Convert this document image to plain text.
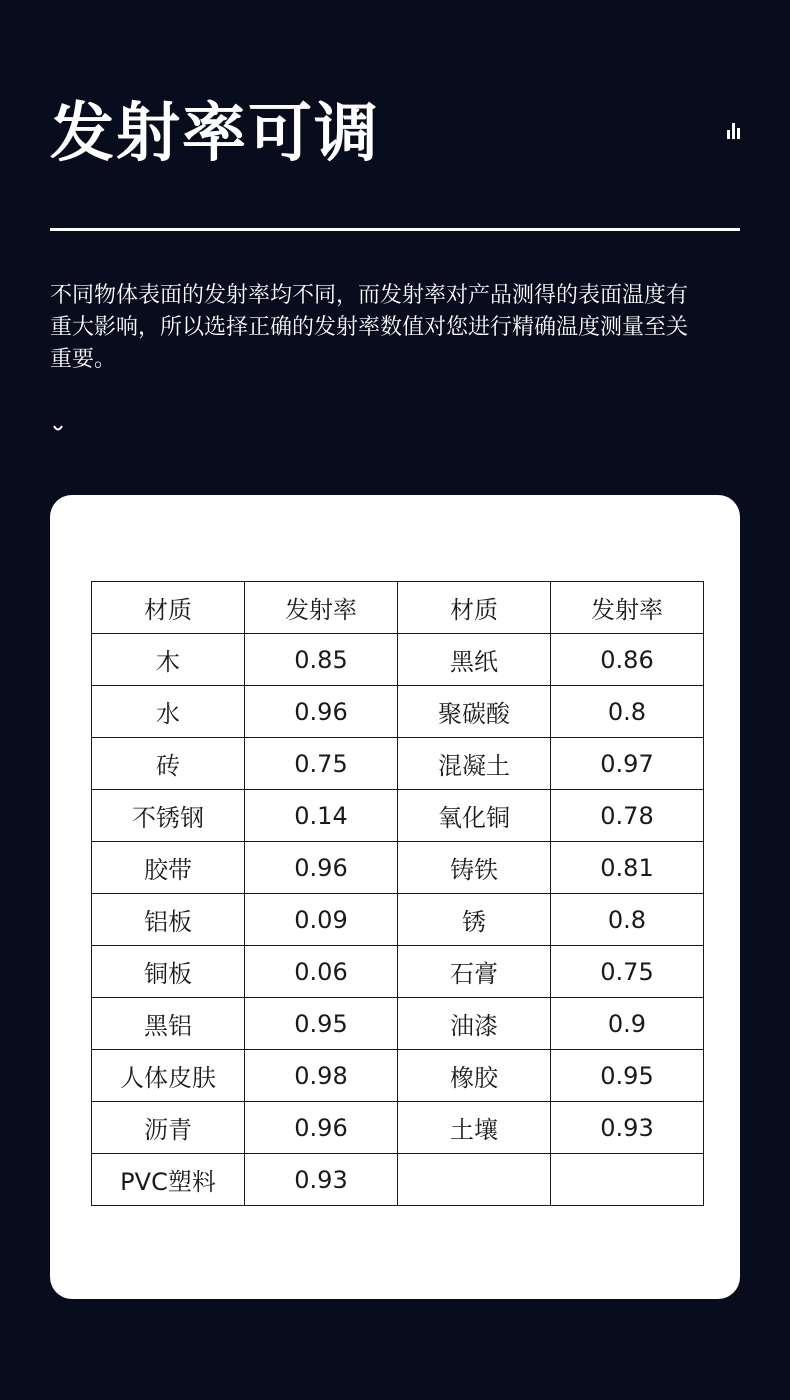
发射率可调

不同物体表面的发射率均不同，而发射率对产品测得的表面温度有重大影响，所以选择正确的发射率数值对您进行精确温度测量至关重要。

材质	发射率	材质	发射率
木	0.85	黑纸	0.86
水	0.96	聚碳酸	0.8
砖	0.75	混凝土	0.97
不锈钢	0.14	氧化铜	0.78
胶带	0.96	铸铁	0.81
铝板	0.09	锈	0.8
铜板	0.06	石膏	0.75
黑铝	0.95	油漆	0.9
人体皮肤	0.98	橡胶	0.95
沥青	0.96	土壤	0.93
PVC塑料	0.93		
